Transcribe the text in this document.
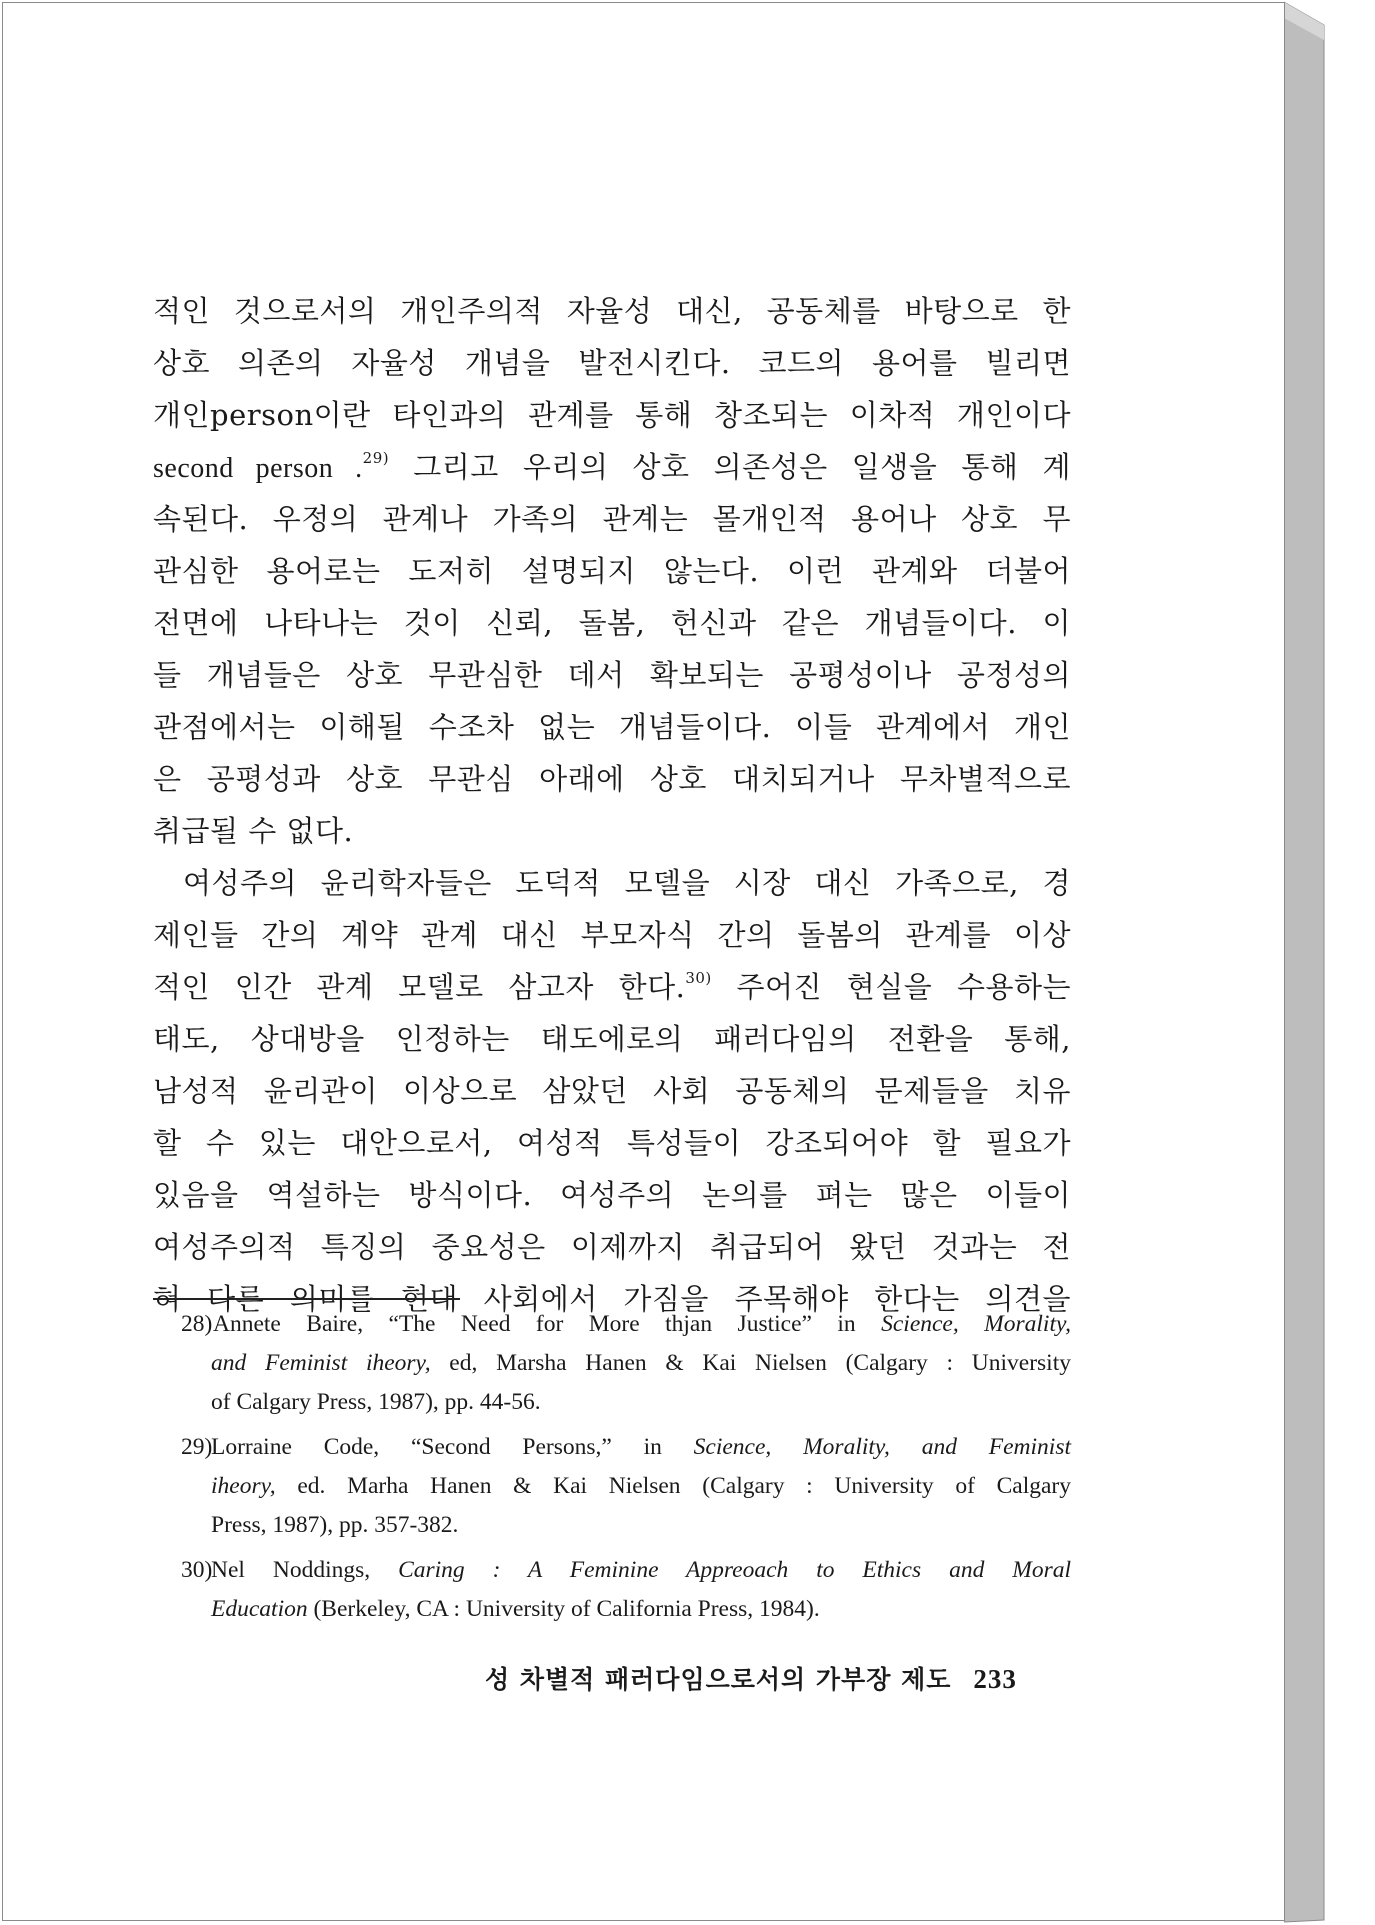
적인 것으로서의 개인주의적 자율성 대신, 공동체를 바탕으로 한
상호 의존의 자율성 개념을 발전시킨다. 코드의 용어를 빌리면
개인person이란 타인과의 관계를 통해 창조되는 이차적 개인이다
second person .$^{29)}$ 그리고 우리의 상호 의존성은 일생을 통해 계
속된다. 우정의 관계나 가족의 관계는 몰개인적 용어나 상호 무
관심한 용어로는 도저히 설명되지 않는다. 이런 관계와 더불어
전면에 나타나는 것이 신뢰, 돌봄, 헌신과 같은 개념들이다. 이
들 개념들은 상호 무관심한 데서 확보되는 공평성이나 공정성의
관점에서는 이해될 수조차 없는 개념들이다. 이들 관계에서 개인
은 공평성과 상호 무관심 아래에 상호 대치되거나 무차별적으로
취급될 수 없다.
여성주의 윤리학자들은 도덕적 모델을 시장 대신 가족으로, 경
제인들 간의 계약 관계 대신 부모자식 간의 돌봄의 관계를 이상
적인 인간 관계 모델로 삼고자 한다.$^{30)}$ 주어진 현실을 수용하는
태도, 상대방을 인정하는 태도에로의 패러다임의 전환을 통해,
남성적 윤리관이 이상으로 삼았던 사회 공동체의 문제들을 치유
할 수 있는 대안으로서, 여성적 특성들이 강조되어야 할 필요가
있음을 역설하는 방식이다. 여성주의 논의를 펴는 많은 이들이
여성주의적 특징의 중요성은 이제까지 취급되어 왔던 것과는 전
혀 다른 의미를 현대 사회에서 가짐을 주목해야 한다는 의견을
28) Annete Baire, “The Need for More thjan Justice” in Science, Morality,
and Feminist iheory, ed, Marsha Hanen & Kai Nielsen (Calgary : University
of Calgary Press, 1987), pp. 44-56.
29)
Lorraine Code, “Second Persons,” in Science, Morality, and Feminist
iheory, ed. Marha Hanen & Kai Nielsen (Calgary : University of Calgary
Press, 1987), pp. 357-382.
30)
Nel Noddings, Caring : A Feminine Appreoach to Ethics and Moral
Education (Berkeley, CA : University of California Press, 1984).
성 차별적 패러다임으로서의 가부장 제도 233
